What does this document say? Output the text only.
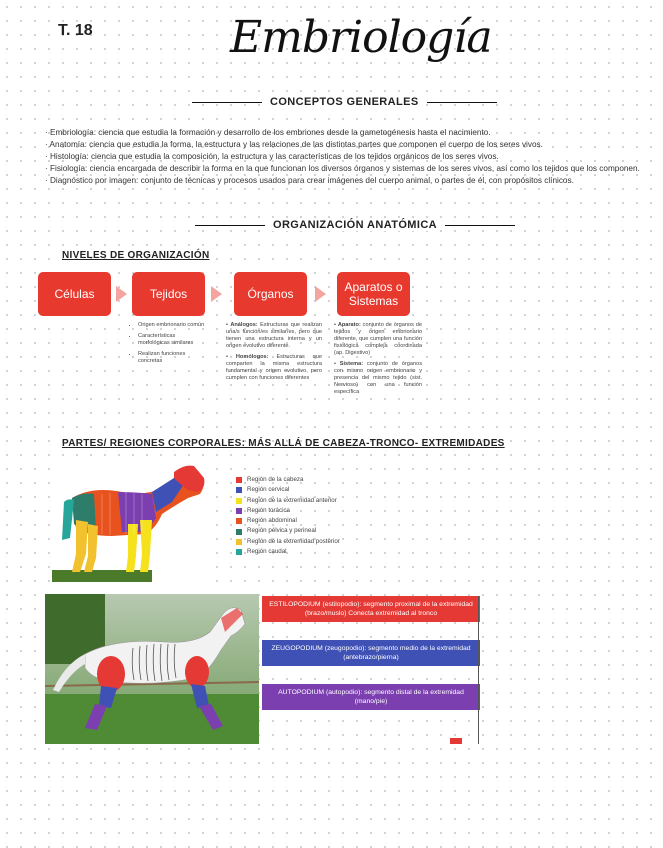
T. 18	Embriología
CONCEPTOS GENERALES

· Embriología: ciencia que estudia la formación y desarrollo de los embriones desde la gametogénesis hasta el nacimiento.

· Anatomía: ciencia que estudia la forma, la estructura y las relaciones de las distintas partes que componen el cuerpo de los seres vivos.

· Histología: ciencia que estudia la composición, la estructura y las características de los tejidos orgánicos de los seres vivos.

· Fisiología: ciencia encargada de describir la forma en la que funcionan los diversos órganos y sistemas de los seres vivos, así como los tejidos que los componen.

· Diagnóstico por imagen: conjunto de técnicas y procesos usados para crear imágenes del cuerpo animal, o partes de él, con propósitos clínicos.

ORGANIZACIÓN ANATÓMICA
NIVELES DE ORGANIZACIÓN
Células	Tejidos	Órganos	Aparatos o Sistemas
• Origen embrionario común
• Características morfológicas similares
• Realizan funciones concretas

• Análogos: Estructuras que realizan una/s función/es similar/es, pero que tienen una estructura interna y un origen evolutivo diferente.

• Homólogos: Estructuras que comparten la misma estructura fundamental y origen evolutivo, pero cumplen con funciones diferentes

• Aparato: conjunto de órganos de tejidos y origen embrionario diferente, que cumplen una función fisiológica compleja coordinada (ap. Digestivo)

• Sistema: conjunto de órganos con mismo origen embrionario y presencia del mismo tejido (sist. Nervioso) con una función específica

PARTES/ REGIONES CORPORALES: MÁS ALLÁ DE CABEZA-TRONCO- EXTREMIDADES
Región de la cabeza
Región cervical
Región de la extremidad anterior
Región torácica
Región abdominal
Región pélvica y perineal
Región de la extremidad posterior
Región caudal
ESTILOPODIUM (estilopodio): segmento proximal de la extremidad (brazo/muslo) Conecta extremidad al tronco
ZEUGOPODIUM (zeugopodio): segmento medio de la extremidad (antebrazo/pierna)
AUTOPODIUM (autopodio): segmento distal de la extremidad (mano/pie)
